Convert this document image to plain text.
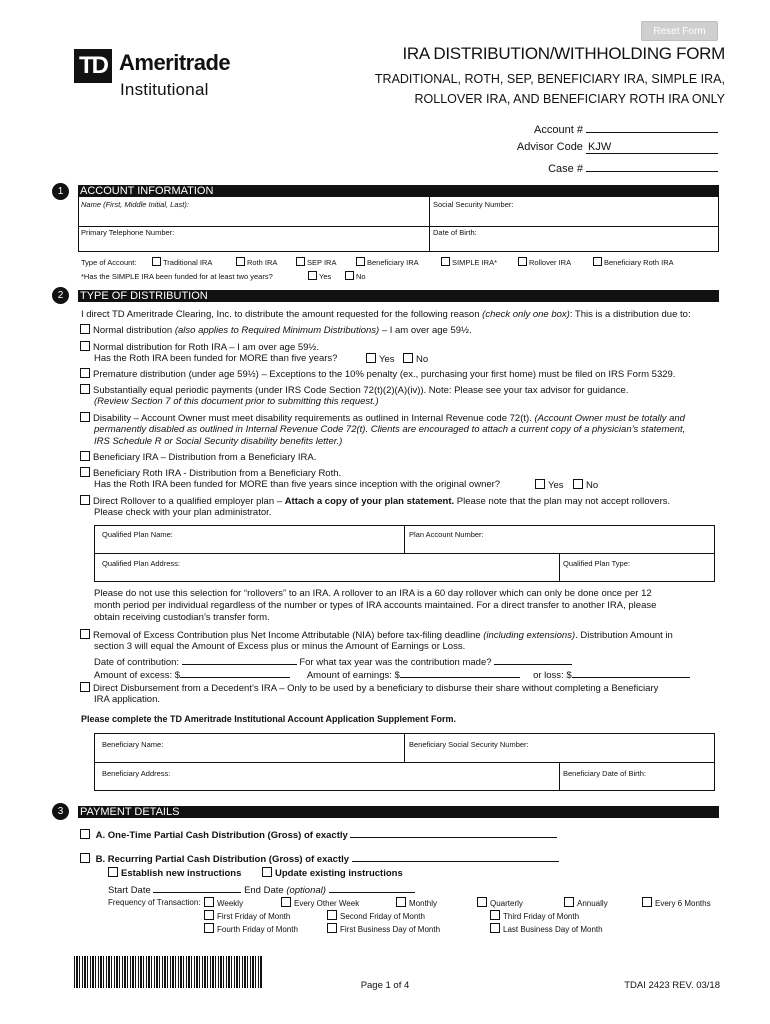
Reset Form
TD Ameritrade
Institutional
IRA DISTRIBUTION/WITHHOLDING FORM
TRADITIONAL, ROTH, SEP, BENEFICIARY IRA, SIMPLE IRA,
ROLLOVER IRA, AND BENEFICIARY ROTH IRA ONLY
Account #
Advisor Code KJW
Case #
1	ACCOUNT INFORMATION
Name (First, Middle Initial, Last):	Social Security Number:
Primary Telephone Number:	Date of Birth:
Type of Account:	Traditional IRA	Roth IRA	SEP IRA	Beneficiary IRA	SIMPLE IRA*	Rollover IRA	Beneficiary Roth IRA
*Has the SIMPLE IRA been funded for at least two years?	Yes	No
2	TYPE OF DISTRIBUTION
I direct TD Ameritrade Clearing, Inc. to distribute the amount requested for the following reason (check only one box): This is a distribution due to:
Normal distribution (also applies to Required Minimum Distributions) – I am over age 59½.
Normal distribution for Roth IRA – I am over age 59½.
Has the Roth IRA been funded for MORE than five years?	Yes	No
Premature distribution (under age 59½) – Exceptions to the 10% penalty (ex., purchasing your first home) must be filed on IRS Form 5329.
Substantially equal periodic payments (under IRS Code Section 72(t)(2)(A)(iv)). Note: Please see your tax advisor for guidance.
(Review Section 7 of this document prior to submitting this request.)
Disability – Account Owner must meet disability requirements as outlined in Internal Revenue code 72(t). (Account Owner must be totally and
permanently disabled as outlined in Internal Revenue Code 72(t). Clients are encouraged to attach a current copy of a physician’s statement,
IRS Schedule R or Social Security disability benefits letter.)
Beneficiary IRA – Distribution from a Beneficiary IRA.
Beneficiary Roth IRA - Distribution from a Beneficiary Roth.
Has the Roth IRA been funded for MORE than five years since inception with the original owner?	Yes	No
Direct Rollover to a qualified employer plan – Attach a copy of your plan statement. Please note that the plan may not accept rollovers.
Please check with your plan administrator.
Qualified Plan Name:	Plan Account Number:
Qualified Plan Address:	Qualified Plan Type:
Please do not use this selection for “rollovers” to an IRA. A rollover to an IRA is a 60 day rollover which can only be done once per 12
month period per individual regardless of the number or types of IRA accounts maintained. For a direct transfer to another IRA, please
obtain receiving custodian’s transfer form.
Removal of Excess Contribution plus Net Income Attributable (NIA) before tax-filing deadline (including extensions). Distribution Amount in
section 3 will equal the Amount of Excess plus or minus the Amount of Earnings or Loss.
Date of contribution:	For what tax year was the contribution made?
Amount of excess: $	Amount of earnings: $	or loss: $
Direct Disbursement from a Decedent’s IRA – Only to be used by a beneficiary to disburse their share without completing a Beneficiary
IRA application.
Please complete the TD Ameritrade Institutional Account Application Supplement Form.
Beneficiary Name:	Beneficiary Social Security Number:
Beneficiary Address:	Beneficiary Date of Birth:
3	PAYMENT DETAILS
A. One-Time Partial Cash Distribution (Gross) of exactly
B. Recurring Partial Cash Distribution (Gross) of exactly
Establish new instructions	Update existing instructions
Start Date	End Date (optional)
Frequency of Transaction:	Weekly	Every Other Week	Monthly	Quarterly	Annually	Every 6 Months
First Friday of Month	Second Friday of Month	Third Friday of Month
Fourth Friday of Month	First Business Day of Month	Last Business Day of Month
Page 1 of 4	TDAI 2423 REV. 03/18
